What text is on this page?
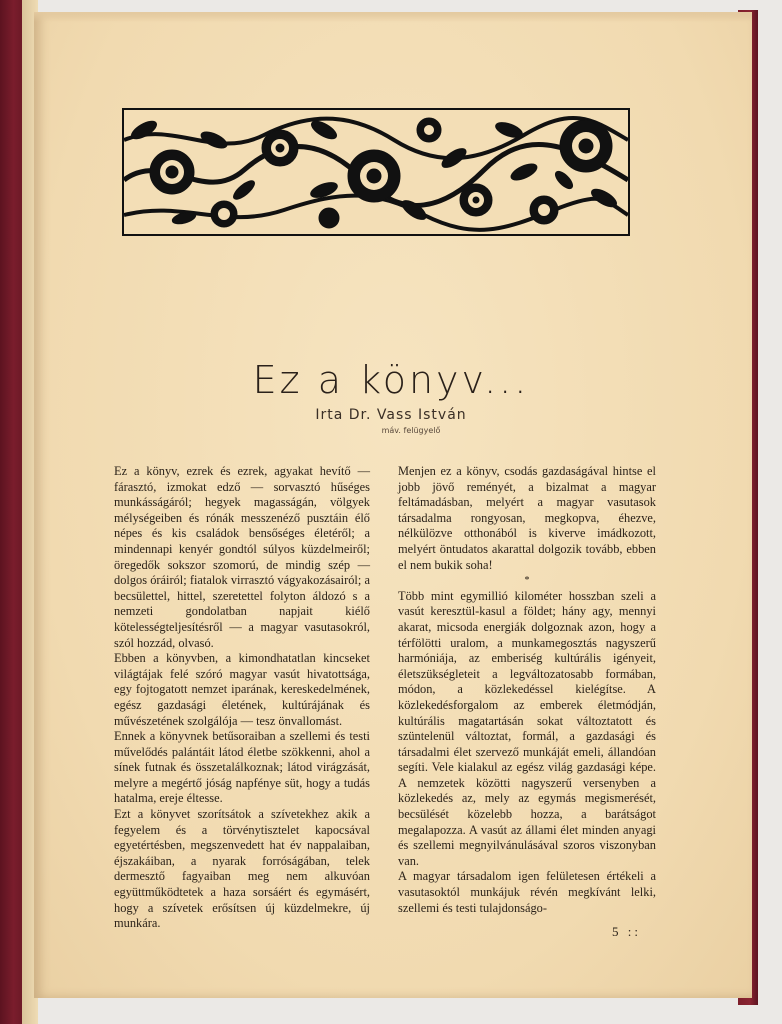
Ez a könyv...
Irta Dr. Vass István
máv. felügyelő

Ez a könyv, ezrek és ezrek, agyakat hevítő — fárasztó, izmokat edző — sorvasztó hűséges munkásságáról; hegyek magasságán, völgyek mélységeiben és rónák messzenéző pusztáin élő népes és kis családok bensőséges életéről; a mindennapi kenyér gondtól súlyos küzdelmeiről; öregedők sokszor szomorú, de mindig szép — dolgos óráiról; fiatalok virrasztó vágyakozásairól; a becsülettel, hittel, szeretettel folyton áldozó s a nemzeti gondolatban napjait kiélő kötelességteljesítésről — a magyar vasutasokról, szól hozzád, olvasó.

Ebben a könyvben, a kimondhatatlan kincseket világtájak felé szóró magyar vasút hivatottsága, egy fojtogatott nemzet iparának, kereskedelmének, egész gazdasági életének, kultúrájának és művészetének szolgálója — tesz önvallomást.

Ennek a könyvnek betűsoraiban a szellemi és testi művelődés palántáit látod életbe szökkenni, ahol a sínek futnak és összetalálkoznak; látod virágzását, melyre a megértő jóság napfénye süt, hogy a tudás hatalma, ereje éltesse.

Ezt a könyvet szorítsátok a szívetekhez akik a fegyelem és a törvénytisztelet kapocsával egyetértésben, megszenvedett hat év nappalaiban, éjszakáiban, a nyarak forróságában, telek dermesztő fagyaiban meg nem alkuvóan együttműködtetek a haza sorsáért és egymásért, hogy a szívetek erősítsen új küzdelmekre, új munkára.

Menjen ez a könyv, csodás gazdaságával hintse el jobb jövő reményét, a bizalmat a magyar feltámadásban, melyért a magyar vasutasok társadalma rongyosan, megkopva, éhezve, nélkülözve otthonából is kiverve imádkozott, melyért öntudatos akarattal dolgozik tovább, ebben el nem bukik soha!

*

Több mint egymillió kilométer hosszban szeli a vasút keresztül-kasul a földet; hány agy, mennyi akarat, micsoda energiák dolgoznak azon, hogy a térfölötti uralom, a munkamegosztás nagyszerű harmóniája, az emberiség kultúrális igényeit, életszükségleteit a legváltozatosabb formában, módon, a közlekedéssel kielégítse. A közlekedésforgalom az emberek életmódján, kultúrális magatartásán sokat változtatott és szüntelenül változtat, formál, a gazdasági és társadalmi élet szervező munkáját emeli, állandóan segíti. Vele kialakul az egész világ gazdasági képe. A nemzetek közötti nagyszerű versenyben a közlekedés az, mely az egymás megismerését, becsülését közelebb hozza, a barátságot megalapozza. A vasút az állami élet minden anyagi és szellemi megnyilvánulásával szoros viszonyban van.

A magyar társadalom igen felületesen értékeli a vasutasoktól munkájuk révén megkívánt lelki, szellemi és testi tulajdonságo-

5 ::
